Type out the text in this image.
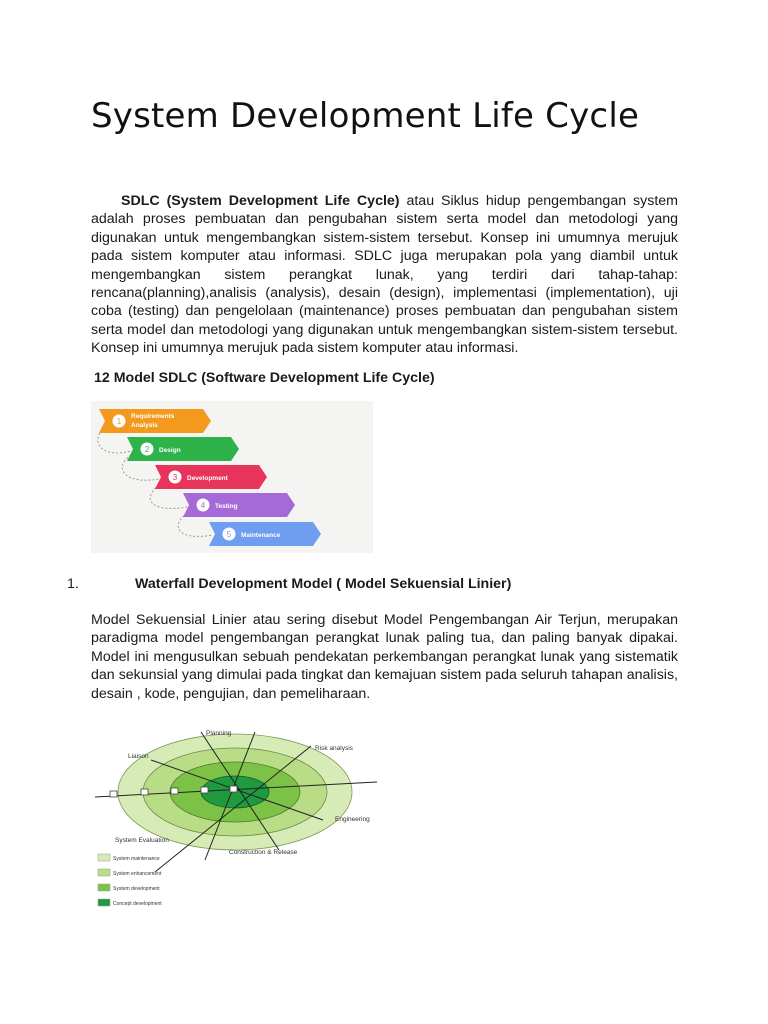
System Development Life Cycle

SDLC (System Development Life Cycle) atau Siklus hidup pengembangan system adalah proses pembuatan dan pengubahan sistem serta model dan metodologi yang digunakan untuk mengembangkan sistem-sistem tersebut. Konsep ini umumnya merujuk pada sistem komputer atau informasi. SDLC juga merupakan pola yang diambil untuk mengembangkan sistem perangkat lunak, yang terdiri dari tahap-tahap: rencana(planning),analisis (analysis), desain (design), implementasi (implementation), uji coba (testing) dan pengelolaan (maintenance) proses pembuatan dan pengubahan sistem serta model dan metodologi yang digunakan untuk mengembangkan sistem-sistem tersebut. Konsep ini umumnya merujuk pada sistem komputer atau informasi.

12 Model SDLC (Software Development Life Cycle)
1
Requirements
Analysis
2 Design
3 Development
4 Testing
5 Maintenance
1.	Waterfall Development Model ( Model Sekuensial Linier)

Model Sekuensial Linier atau sering disebut Model Pengembangan Air Terjun, merupakan paradigma model pengembangan perangkat lunak paling tua, dan paling banyak dipakai. Model ini mengusulkan sebuah pendekatan perkembangan perangkat lunak yang sistematik dan sekunsial yang dimulai pada tingkat dan kemajuan sistem pada seluruh tahapan analisis, desain , kode, pengujian, dan pemeliharaan.

Planning
Risk analysis
Liaison
Engineering
Construction & Release
System Evaluation
System maintenance
System enhancement
System development
Concept development
